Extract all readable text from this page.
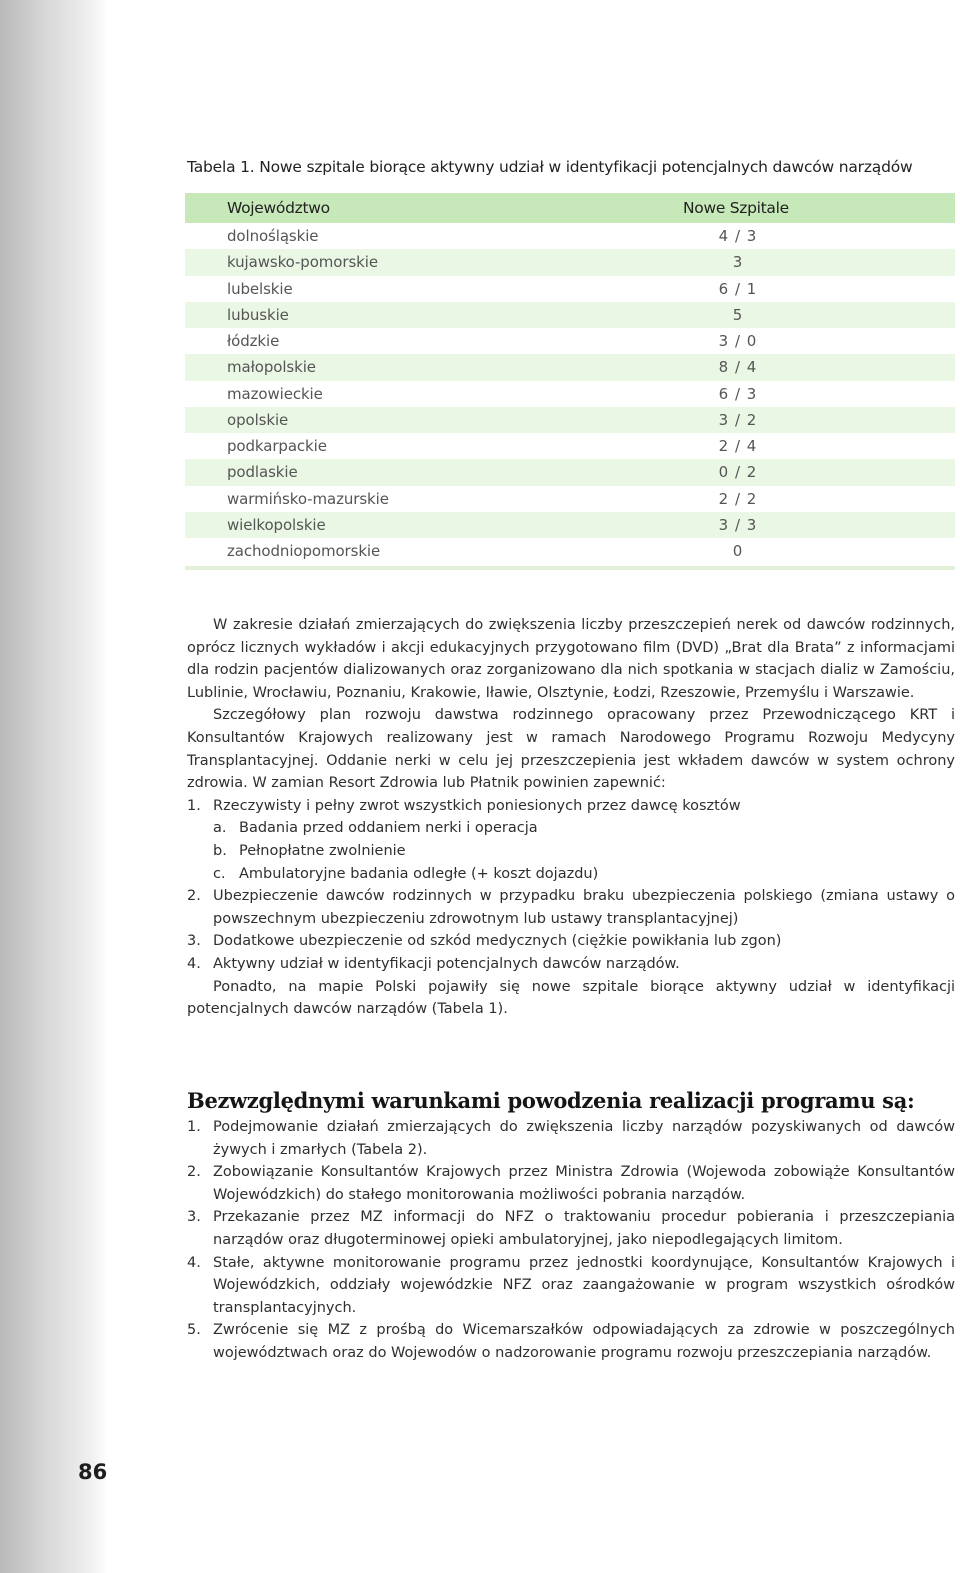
Tabela 1. Nowe szpitale biorące aktywny udział w identyfikacji potencjalnych dawców narządów
Województwo	Nowe Szpitale
dolnośląskie	4 / 3
kujawsko-pomorskie	3
lubelskie	6 / 1
lubuskie	5
łódzkie	3 / 0
małopolskie	8 / 4
mazowieckie	6 / 3
opolskie	3 / 2
podkarpackie	2 / 4
podlaskie	0 / 2
warmińsko-mazurskie	2 / 2
wielkopolskie	3 / 3
zachodniopomorskie	0

W zakresie działań zmierzających do zwiększenia liczby przeszczepień nerek od dawców rodzinnych, oprócz licznych wykładów i akcji edukacyjnych przygotowano film (DVD) „Brat dla Brata” z informacjami dla rodzin pacjentów dializowanych oraz zorganizowano dla nich spotkania w stacjach dializ w Zamościu, Lublinie, Wrocławiu, Poznaniu, Krakowie, Iławie, Olsztynie, Łodzi, Rzeszowie, Przemyślu i Warszawie.

Szczegółowy plan rozwoju dawstwa rodzinnego opracowany przez Przewodniczącego KRT i Konsultantów Krajowych realizowany jest w ramach Narodowego Programu Rozwoju Medycyny Transplantacyjnej. Oddanie nerki w celu jej przeszczepienia jest wkładem dawców w system ochrony zdrowia. W zamian Resort Zdrowia lub Płatnik powinien zapewnić:

1. Rzeczywisty i pełny zwrot wszystkich poniesionych przez dawcę kosztów
a. Badania przed oddaniem nerki i operacja
b. Pełnopłatne zwolnienie
c. Ambulatoryjne badania odległe (+ koszt dojazdu)
2. Ubezpieczenie dawców rodzinnych w przypadku braku ubezpieczenia polskiego (zmiana ustawy o powszechnym ubezpieczeniu zdrowotnym lub ustawy transplantacyjnej)
3. Dodatkowe ubezpieczenie od szkód medycznych (ciężkie powikłania lub zgon)
4. Aktywny udział w identyfikacji potencjalnych dawców narządów.

Ponadto, na mapie Polski pojawiły się nowe szpitale biorące aktywny udział w identyfikacji potencjalnych dawców narządów (Tabela 1).

Bezwzględnymi warunkami powodzenia realizacji programu są:
1. Podejmowanie działań zmierzających do zwiększenia liczby narządów pozyskiwanych od dawców żywych i zmarłych (Tabela 2).
2. Zobowiązanie Konsultantów Krajowych przez Ministra Zdrowia (Wojewoda zobowiąże Konsultantów Wojewódzkich) do stałego monitorowania możliwości pobrania narządów.
3. Przekazanie przez MZ informacji do NFZ o traktowaniu procedur pobierania i przeszczepiania narządów oraz długoterminowej opieki ambulatoryjnej, jako niepodlegających limitom.
4. Stałe, aktywne monitorowanie programu przez jednostki koordynujące, Konsultantów Krajowych i Wojewódzkich, oddziały wojewódzkie NFZ oraz zaangażowanie w program wszystkich ośrodków transplantacyjnych.
5. Zwrócenie się MZ z prośbą do Wicemarszałków odpowiadających za zdrowie w poszczególnych województwach oraz do Wojewodów o nadzorowanie programu rozwoju przeszczepiania narządów.
86
